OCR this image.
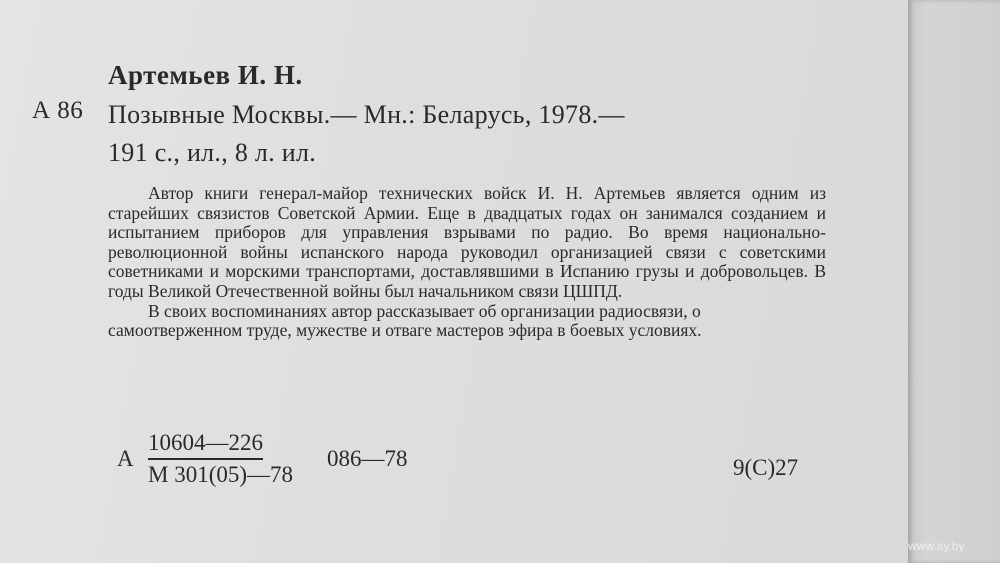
Артемьев И. Н.
А 86 Позывные Москвы.— Мн.: Беларусь, 1978.—
191 с., ил., 8 л. ил.

Автор книги генерал-майор технических войск И. Н. Артемьев является одним из старейших связистов Советской Армии. Еще в двадцатых годах он занимался созданием и испытанием приборов для управления взрывами по радио. Во время национально-революционной войны испанского народа руководил организацией связи с советскими советниками и морскими транспортами, доставлявшими в Испанию грузы и добровольцев. В годы Великой Отечественной войны был начальником связи ЦШПД.

В своих воспоминаниях автор рассказывает об организации радиосвязи, о самоотверженном труде, мужестве и отваге мастеров эфира в боевых условиях.

А
10604—226
М 301(05)—78
086—78	9(С)27
www.ay.by
